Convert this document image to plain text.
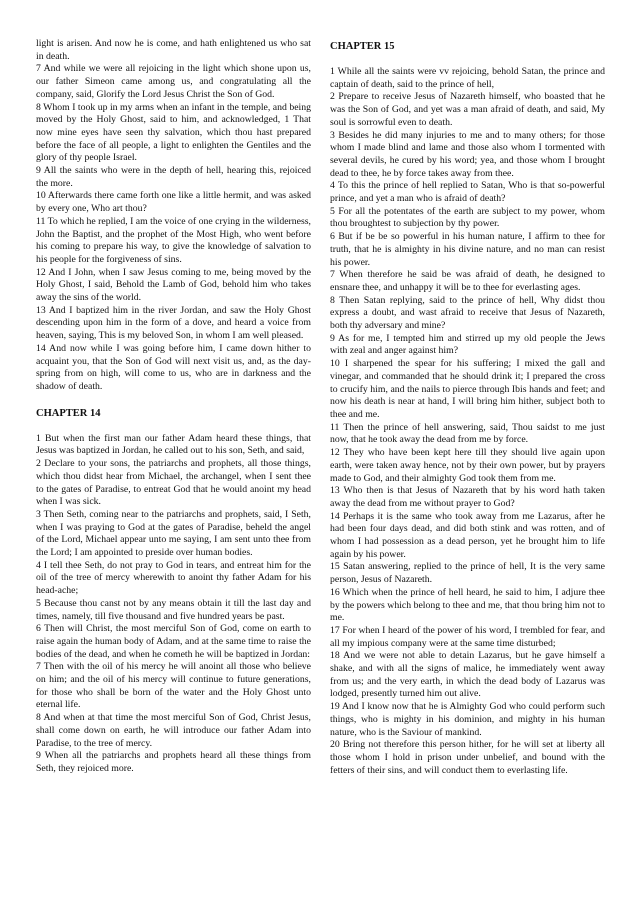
light is arisen. And now he is come, and hath enlightened us who sat in death.

7 And while we were all rejoicing in the light which shone upon us, our father Simeon came among us, and congratulating all the company, said, Glorify the Lord Jesus Christ the Son of God.

8 Whom I took up in my arms when an infant in the temple, and being moved by the Holy Ghost, said to him, and acknowledged, 1 That now mine eyes have seen thy salvation, which thou hast prepared before the face of all people, a light to enlighten the Gentiles and the glory of thy people Israel.

9 All the saints who were in the depth of hell, hearing this, rejoiced the more.

10 Afterwards there came forth one like a little hermit, and was asked by every one, Who art thou?

11 To which he replied, I am the voice of one crying in the wilderness, John the Baptist, and the prophet of the Most High, who went before his coming to prepare his way, to give the knowledge of salvation to his people for the forgiveness of sins.

12 And I John, when I saw Jesus coming to me, being moved by the Holy Ghost, I said, Behold the Lamb of God, behold him who takes away the sins of the world.

13 And I baptized him in the river Jordan, and saw the Holy Ghost descending upon him in the form of a dove, and heard a voice from heaven, saying, This is my beloved Son, in whom I am well pleased.

14 And now while I was going before him, I came down hither to acquaint you, that the Son of God will next visit us, and, as the day-spring from on high, will come to us, who are in darkness and the shadow of death.

CHAPTER 14

1 But when the first man our father Adam heard these things, that Jesus was baptized in Jordan, he called out to his son, Seth, and said,

2 Declare to your sons, the patriarchs and prophets, all those things, which thou didst hear from Michael, the archangel, when I sent thee to the gates of Paradise, to entreat God that he would anoint my head when I was sick.

3 Then Seth, coming near to the patriarchs and prophets, said, I Seth, when I was praying to God at the gates of Paradise, beheld the angel of the Lord, Michael appear unto me saying, I am sent unto thee from the Lord; I am appointed to preside over human bodies.

4 I tell thee Seth, do not pray to God in tears, and entreat him for the oil of the tree of mercy wherewith to anoint thy father Adam for his head-ache;

5 Because thou canst not by any means obtain it till the last day and times, namely, till five thousand and five hundred years be past.

6 Then will Christ, the most merciful Son of God, come on earth to raise again the human body of Adam, and at the same time to raise the bodies of the dead, and when he cometh he will be baptized in Jordan:

7 Then with the oil of his mercy he will anoint all those who believe on him; and the oil of his mercy will continue to future generations, for those who shall be born of the water and the Holy Ghost unto eternal life.

8 And when at that time the most merciful Son of God, Christ Jesus, shall come down on earth, he will introduce our father Adam into Paradise, to the tree of mercy.

9 When all the patriarchs and prophets heard all these things from Seth, they rejoiced more.

CHAPTER 15

1 While all the saints were vv rejoicing, behold Satan, the prince and captain of death, said to the prince of hell,

2 Prepare to receive Jesus of Nazareth himself, who boasted that he was the Son of God, and yet was a man afraid of death, and said, My soul is sorrowful even to death.

3 Besides he did many injuries to me and to many others; for those whom I made blind and lame and those also whom I tormented with several devils, he cured by his word; yea, and those whom I brought dead to thee, he by force takes away from thee.

4 To this the prince of hell replied to Satan, Who is that so-powerful prince, and yet a man who is afraid of death?

5 For all the potentates of the earth are subject to my power, whom thou broughtest to subjection by thy power.

6 But if be be so powerful in his human nature, I affirm to thee for truth, that he is almighty in his divine nature, and no man can resist his power.

7 When therefore he said be was afraid of death, he designed to ensnare thee, and unhappy it will be to thee for everlasting ages.

8 Then Satan replying, said to the prince of hell, Why didst thou express a doubt, and wast afraid to receive that Jesus of Nazareth, both thy adversary and mine?

9 As for me, I tempted him and stirred up my old people the Jews with zeal and anger against him?

10 I sharpened the spear for his suffering; I mixed the gall and vinegar, and commanded that he should drink it; I prepared the cross to crucify him, and the nails to pierce through Ibis hands and feet; and now his death is near at hand, I will bring him hither, subject both to thee and me.

11 Then the prince of hell answering, said, Thou saidst to me just now, that he took away the dead from me by force.

12 They who have been kept here till they should live again upon earth, were taken away hence, not by their own power, but by prayers made to God, and their almighty God took them from me.

13 Who then is that Jesus of Nazareth that by his word hath taken away the dead from me without prayer to God?

14 Perhaps it is the same who took away from me Lazarus, after he had been four days dead, and did both stink and was rotten, and of whom I had possession as a dead person, yet he brought him to life again by his power.

15 Satan answering, replied to the prince of hell, It is the very same person, Jesus of Nazareth.

16 Which when the prince of hell heard, he said to him, I adjure thee by the powers which belong to thee and me, that thou bring him not to me.

17 For when I heard of the power of his word, I trembled for fear, and all my impious company were at the same time disturbed;

18 And we were not able to detain Lazarus, but he gave himself a shake, and with all the signs of malice, he immediately went away from us; and the very earth, in which the dead body of Lazarus was lodged, presently turned him out alive.

19 And I know now that he is Almighty God who could perform such things, who is mighty in his dominion, and mighty in his human nature, who is the Saviour of mankind.

20 Bring not therefore this person hither, for he will set at liberty all those whom I hold in prison under unbelief, and bound with the fetters of their sins, and will conduct them to everlasting life.
